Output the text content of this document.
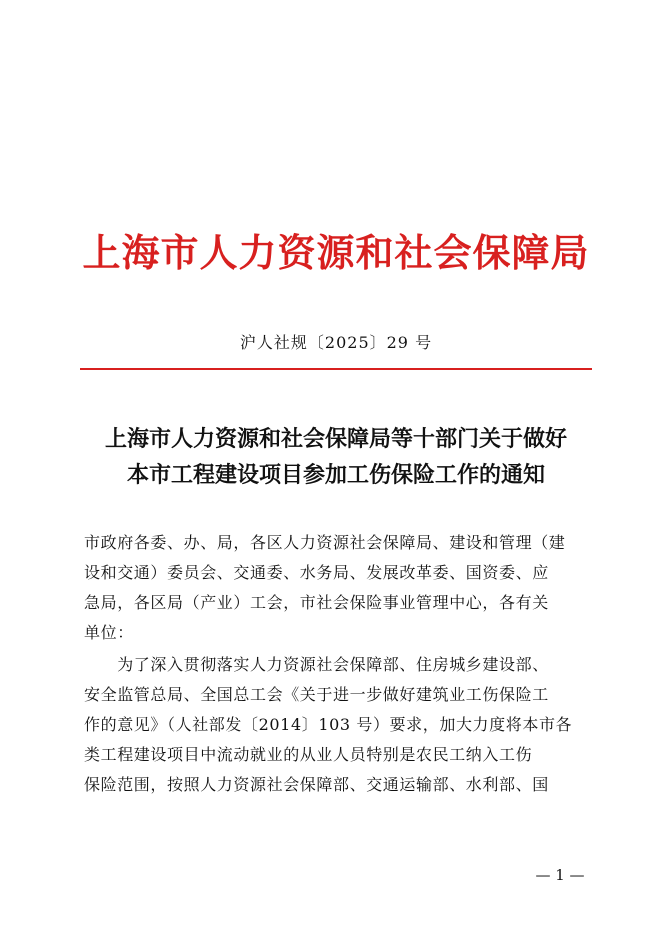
上海市人力资源和社会保障局
沪人社规〔2025〕29 号
上海市人力资源和社会保障局等十部门关于做好
本市工程建设项目参加工伤保险工作的通知
市政府各委、办、局，各区人力资源社会保障局、建设和管理（建
设和交通）委员会、交通委、水务局、发展改革委、国资委、应
急局，各区局（产业）工会，市社会保险事业管理中心，各有关
单位：
　　为了深入贯彻落实人力资源社会保障部、住房城乡建设部、
安全监管总局、全国总工会《关于进一步做好建筑业工伤保险工
作的意见》（人社部发〔2014〕103 号）要求，加大力度将本市各
类工程建设项目中流动就业的从业人员特别是农民工纳入工伤
保险范围，按照人力资源社会保障部、交通运输部、水利部、国
— 1 —
